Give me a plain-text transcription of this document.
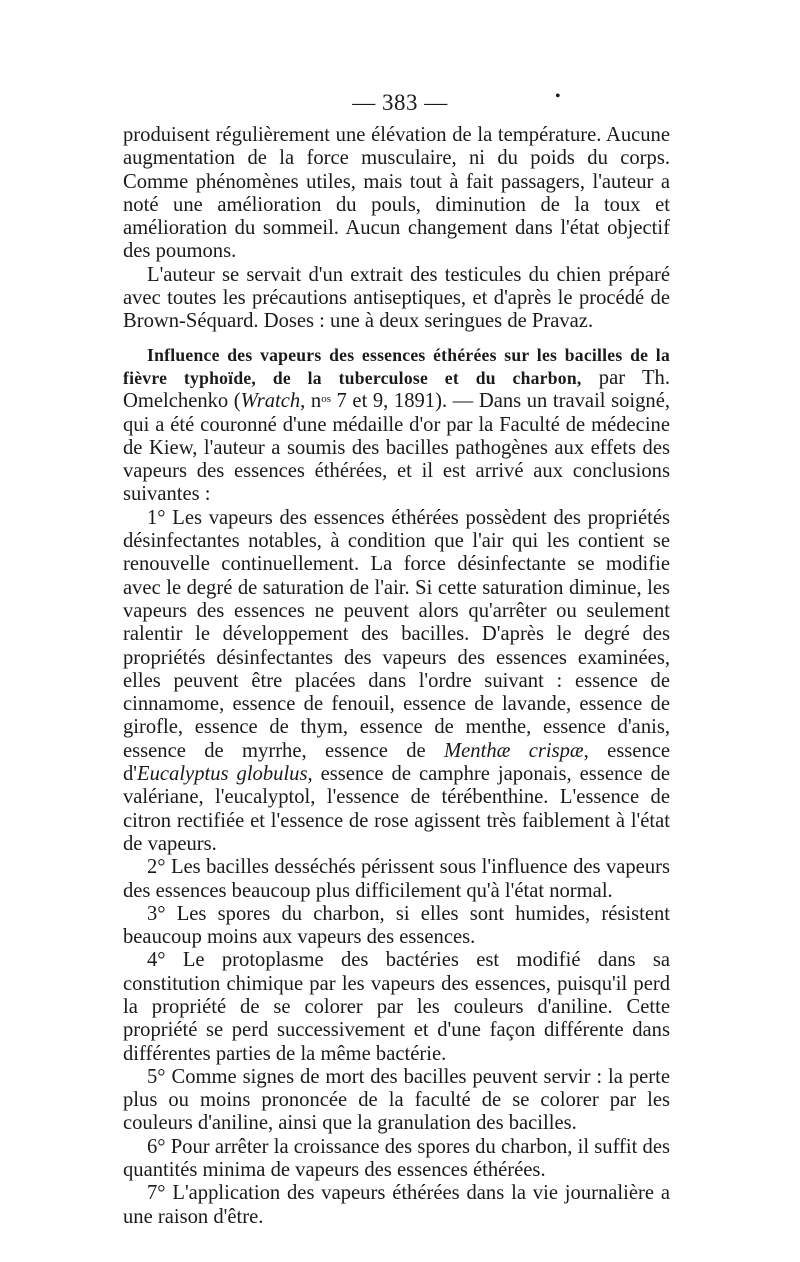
— 383 —	•

produisent régulièrement une élévation de la température. Aucune augmentation de la force musculaire, ni du poids du corps. Comme phénomènes utiles, mais tout à fait passagers, l'auteur a noté une amélioration du pouls, diminution de la toux et amélioration du sommeil. Aucun changement dans l'état objectif des poumons.

L'auteur se servait d'un extrait des testicules du chien préparé avec toutes les précautions antiseptiques, et d'après le procédé de Brown-Séquard. Doses : une à deux seringues de Pravaz.

Influence des vapeurs des essences éthérées sur les bacilles de la fièvre typhoïde, de la tuberculose et du charbon, par Th. Omelchenko (Wratch, $n^{os}$ 7 et 9, 1891). — Dans un travail soigné, qui a été couronné d'une médaille d'or par la Faculté de médecine de Kiew, l'auteur a soumis des bacilles pathogènes aux effets des vapeurs des essences éthérées, et il est arrivé aux conclusions suivantes :

1° Les vapeurs des essences éthérées possèdent des propriétés désinfectantes notables, à condition que l'air qui les contient se renouvelle continuellement. La force désinfectante se modifie avec le degré de saturation de l'air. Si cette saturation diminue, les vapeurs des essences ne peuvent alors qu'arrêter ou seulement ralentir le développement des bacilles. D'après le degré des propriétés désinfectantes des vapeurs des essences examinées, elles peuvent être placées dans l'ordre suivant : essence de cinnamome, essence de fenouil, essence de lavande, essence de girofle, essence de thym, essence de menthe, essence d'anis, essence de myrrhe, essence de Menthæ crispæ, essence d'Eucalyptus globulus, essence de camphre japonais, essence de valériane, l'eucalyptol, l'essence de térébenthine. L'essence de citron rectifiée et l'essence de rose agissent très faiblement à l'état de vapeurs.

2° Les bacilles desséchés périssent sous l'influence des vapeurs des essences beaucoup plus difficilement qu'à l'état normal.

3° Les spores du charbon, si elles sont humides, résistent beaucoup moins aux vapeurs des essences.

4° Le protoplasme des bactéries est modifié dans sa constitution chimique par les vapeurs des essences, puisqu'il perd la propriété de se colorer par les couleurs d'aniline. Cette propriété se perd successivement et d'une façon différente dans différentes parties de la même bactérie.

5° Comme signes de mort des bacilles peuvent servir : la perte plus ou moins prononcée de la faculté de se colorer par les couleurs d'aniline, ainsi que la granulation des bacilles.

6° Pour arrêter la croissance des spores du charbon, il suffit des quantités minima de vapeurs des essences éthérées.

7° L'application des vapeurs éthérées dans la vie journalière a une raison d'être.
